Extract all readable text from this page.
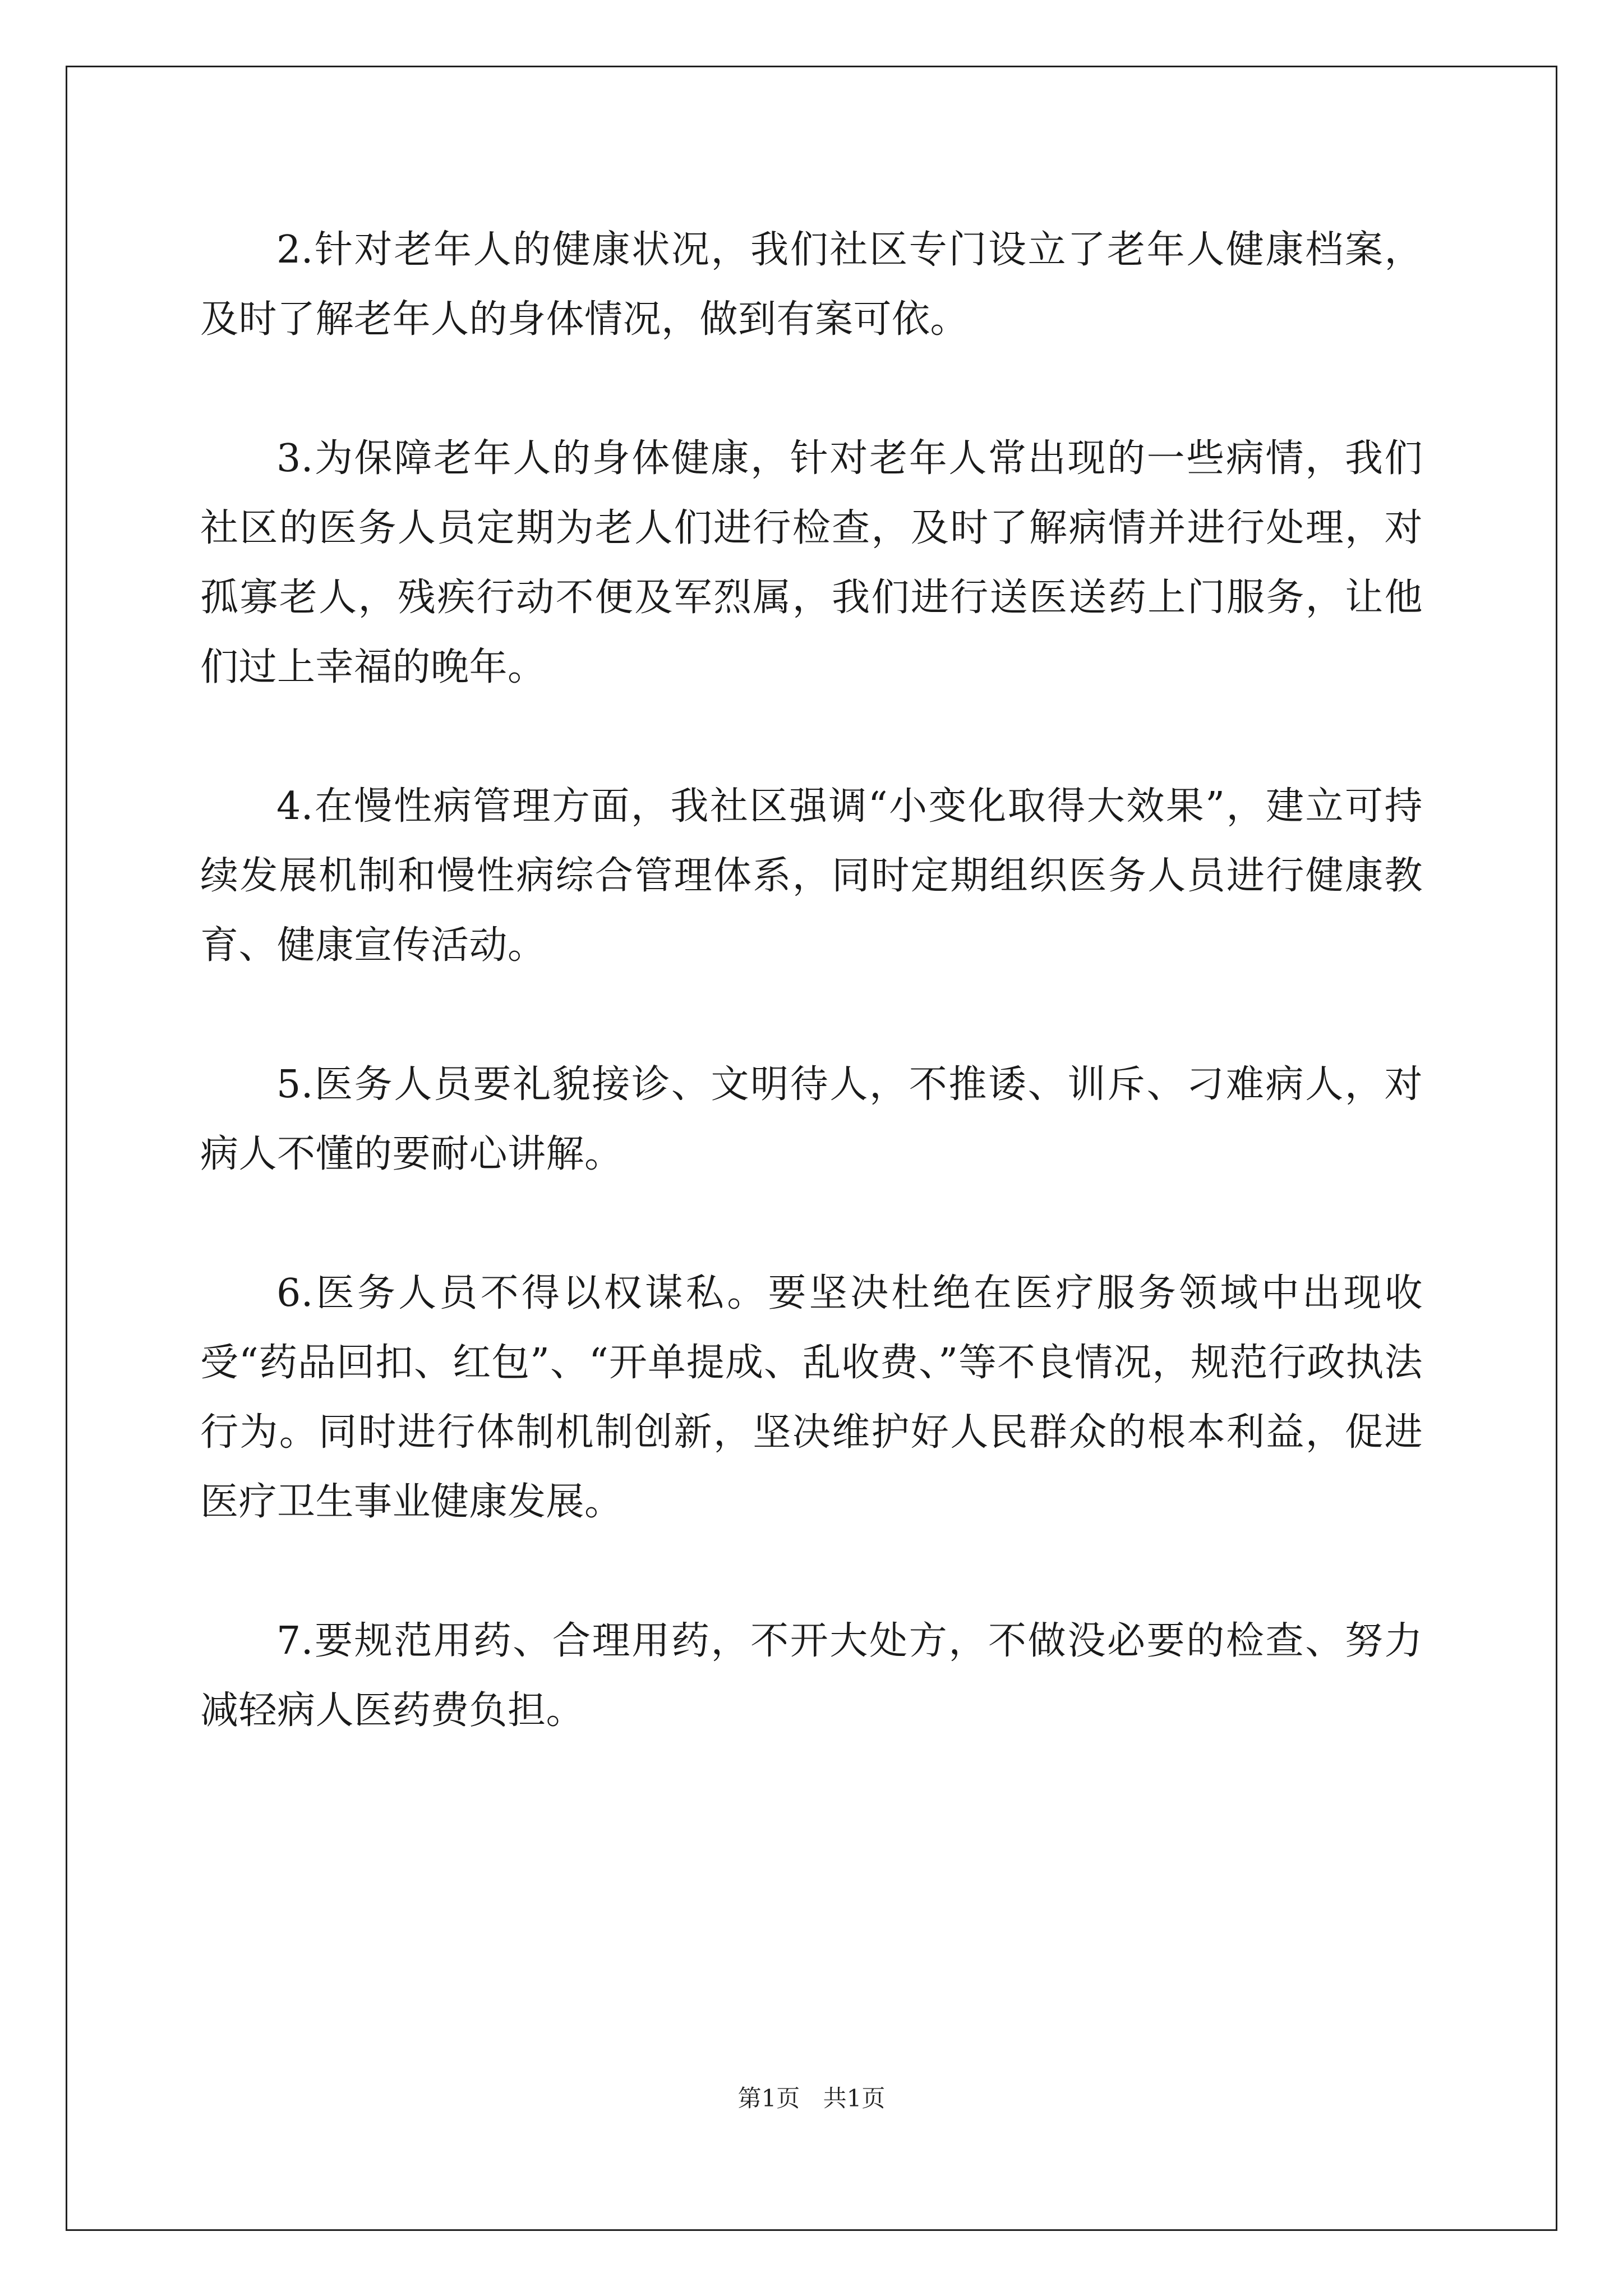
2.针对老年人的健康状况，我们社区专门设立了老年人健康档案，及时了解老年人的身体情况，做到有案可依。

3.为保障老年人的身体健康，针对老年人常出现的一些病情，我们社区的医务人员定期为老人们进行检查，及时了解病情并进行处理，对孤寡老人，残疾行动不便及军烈属，我们进行送医送药上门服务，让他们过上幸福的晚年。

4.在慢性病管理方面，我社区强调“小变化取得大效果”，建立可持续发展机制和慢性病综合管理体系，同时定期组织医务人员进行健康教育、健康宣传活动。

5.医务人员要礼貌接诊、文明待人，不推诿、训斥、刁难病人，对病人不懂的要耐心讲解。

6.医务人员不得以权谋私。要坚决杜绝在医疗服务领域中出现收受“药品回扣、红包”、“开单提成、乱收费、”等不良情况，规范行政执法行为。同时进行体制机制创新，坚决维护好人民群众的根本利益，促进医疗卫生事业健康发展。

7.要规范用药、合理用药，不开大处方，不做没必要的检查、努力减轻病人医药费负担。

第1页 共1页
